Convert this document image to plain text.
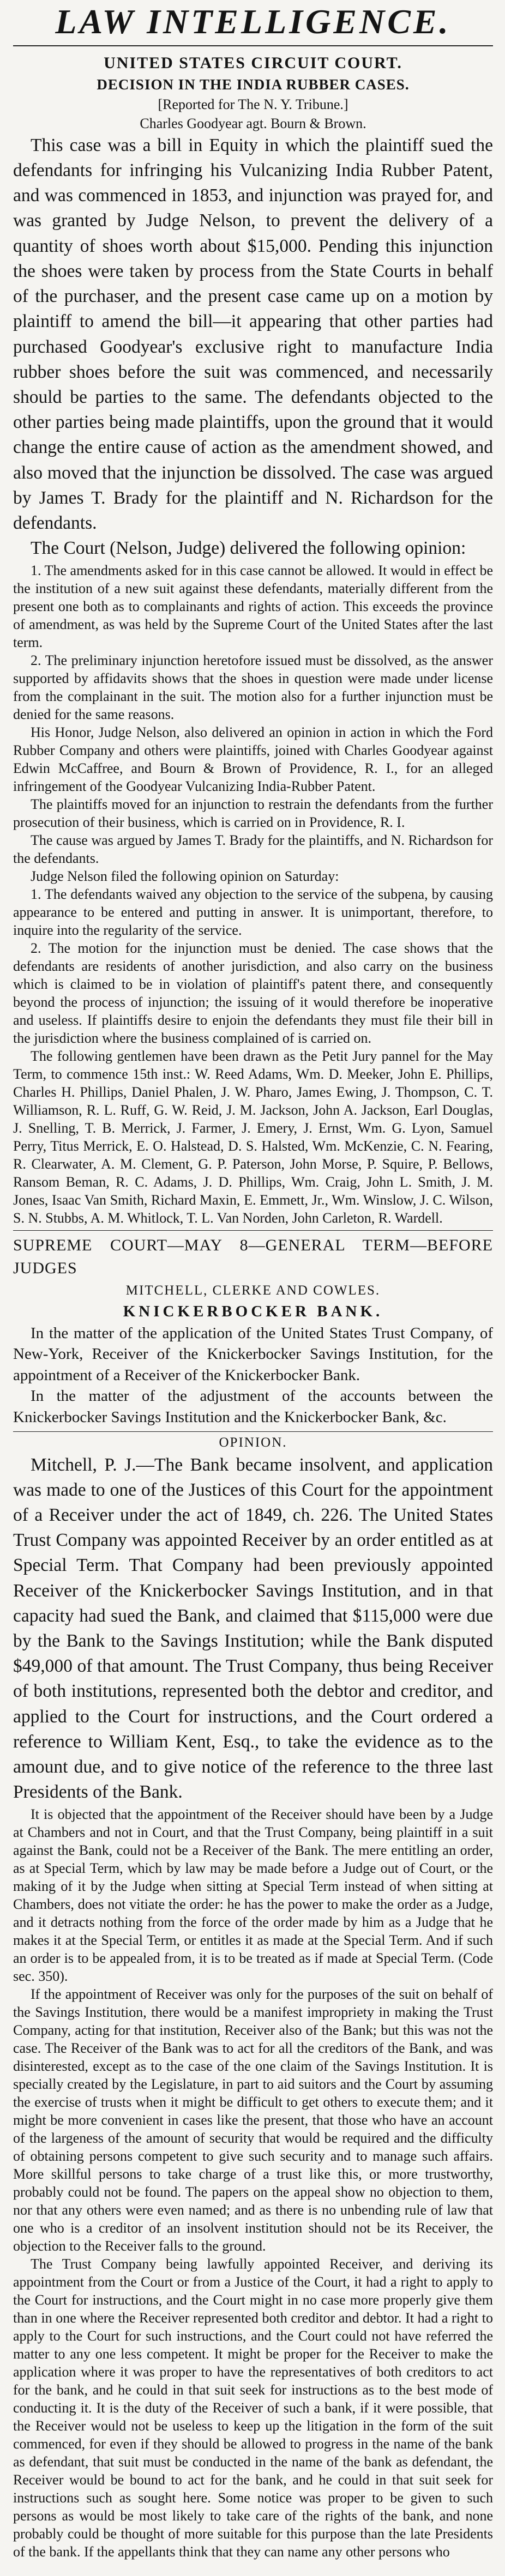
LAW INTELLIGENCE.
UNITED STATES CIRCUIT COURT.
DECISION IN THE INDIA RUBBER CASES.
[Reported for The N. Y. Tribune.]
Charles Goodyear agt. Bourn & Brown.

This case was a bill in Equity in which the plaintiff sued the defendants for infringing his Vulcanizing India Rubber Patent, and was commenced in 1853, and injunction was prayed for, and was granted by Judge Nelson, to prevent the delivery of a quantity of shoes worth about $15,000. Pending this injunction the shoes were taken by process from the State Courts in behalf of the purchaser, and the present case came up on a motion by plaintiff to amend the bill—it appearing that other parties had purchased Goodyear's exclusive right to manufacture India rubber shoes before the suit was commenced, and necessarily should be parties to the same. The defendants objected to the other parties being made plaintiffs, upon the ground that it would change the entire cause of action as the amendment showed, and also moved that the injunction be dissolved. The case was argued by James T. Brady for the plaintiff and N. Richardson for the defendants.

The Court (Nelson, Judge) delivered the following opinion:

1. The amendments asked for in this case cannot be allowed. It would in effect be the institution of a new suit against these defendants, materially different from the present one both as to complainants and rights of action. This exceeds the province of amendment, as was held by the Supreme Court of the United States after the last term.

2. The preliminary injunction heretofore issued must be dissolved, as the answer supported by affidavits shows that the shoes in question were made under license from the complainant in the suit. The motion also for a further injunction must be denied for the same reasons.

His Honor, Judge Nelson, also delivered an opinion in action in which the Ford Rubber Company and others were plaintiffs, joined with Charles Goodyear against Edwin McCaffree, and Bourn & Brown of Providence, R. I., for an alleged infringement of the Goodyear Vulcanizing India-Rubber Patent.

The plaintiffs moved for an injunction to restrain the defendants from the further prosecution of their business, which is carried on in Providence, R. I.

The cause was argued by James T. Brady for the plaintiffs, and N. Richardson for the defendants.

Judge Nelson filed the following opinion on Saturday:

1. The defendants waived any objection to the service of the subpena, by causing appearance to be entered and putting in answer. It is unimportant, therefore, to inquire into the regularity of the service.

2. The motion for the injunction must be denied. The case shows that the defendants are residents of another jurisdiction, and also carry on the business which is claimed to be in violation of plaintiff's patent there, and consequently beyond the process of injunction; the issuing of it would therefore be inoperative and useless. If plaintiffs desire to enjoin the defendants they must file their bill in the jurisdiction where the business complained of is carried on.

The following gentlemen have been drawn as the Petit Jury pannel for the May Term, to commence 15th inst.: W. Reed Adams, Wm. D. Meeker, John E. Phillips, Charles H. Phillips, Daniel Phalen, J. W. Pharo, James Ewing, J. Thompson, C. T. Williamson, R. L. Ruff, G. W. Reid, J. M. Jackson, John A. Jackson, Earl Douglas, J. Snelling, T. B. Merrick, J. Farmer, J. Emery, J. Ernst, Wm. G. Lyon, Samuel Perry, Titus Merrick, E. O. Halstead, D. S. Halsted, Wm. McKenzie, C. N. Fearing, R. Clearwater, A. M. Clement, G. P. Paterson, John Morse, P. Squire, P. Bellows, Ransom Beman, R. C. Adams, J. D. Phillips, Wm. Craig, John L. Smith, J. M. Jones, Isaac Van Smith, Richard Maxin, E. Emmett, Jr., Wm. Winslow, J. C. Wilson, S. N. Stubbs, A. M. Whitlock, T. L. Van Norden, John Carleton, R. Wardell.

SUPREME COURT—MAY 8—GENERAL TERM—BEFORE JUDGES
MITCHELL, CLERKE AND COWLES.
KNICKERBOCKER BANK.

In the matter of the application of the United States Trust Company, of New-York, Receiver of the Knickerbocker Savings Institution, for the appointment of a Receiver of the Knickerbocker Bank.

In the matter of the adjustment of the accounts between the Knickerbocker Savings Institution and the Knickerbocker Bank, &c.

OPINION.

Mitchell, P. J.—The Bank became insolvent, and application was made to one of the Justices of this Court for the appointment of a Receiver under the act of 1849, ch. 226. The United States Trust Company was appointed Receiver by an order entitled as at Special Term. That Company had been previously appointed Receiver of the Knickerbocker Savings Institution, and in that capacity had sued the Bank, and claimed that $115,000 were due by the Bank to the Savings Institution; while the Bank disputed $49,000 of that amount. The Trust Company, thus being Receiver of both institutions, represented both the debtor and creditor, and applied to the Court for instructions, and the Court ordered a reference to William Kent, Esq., to take the evidence as to the amount due, and to give notice of the reference to the three last Presidents of the Bank.

It is objected that the appointment of the Receiver should have been by a Judge at Chambers and not in Court, and that the Trust Company, being plaintiff in a suit against the Bank, could not be a Receiver of the Bank. The mere entitling an order, as at Special Term, which by law may be made before a Judge out of Court, or the making of it by the Judge when sitting at Special Term instead of when sitting at Chambers, does not vitiate the order: he has the power to make the order as a Judge, and it detracts nothing from the force of the order made by him as a Judge that he makes it at the Special Term, or entitles it as made at the Special Term. And if such an order is to be appealed from, it is to be treated as if made at Special Term. (Code sec. 350).

If the appointment of Receiver was only for the purposes of the suit on behalf of the Savings Institution, there would be a manifest impropriety in making the Trust Company, acting for that institution, Receiver also of the Bank; but this was not the case. The Receiver of the Bank was to act for all the creditors of the Bank, and was disinterested, except as to the case of the one claim of the Savings Institution. It is specially created by the Legislature, in part to aid suitors and the Court by assuming the exercise of trusts when it might be difficult to get others to execute them; and it might be more convenient in cases like the present, that those who have an account of the largeness of the amount of security that would be required and the difficulty of obtaining persons competent to give such security and to manage such affairs. More skillful persons to take charge of a trust like this, or more trustworthy, probably could not be found. The papers on the appeal show no objection to them, nor that any others were even named; and as there is no unbending rule of law that one who is a creditor of an insolvent institution should not be its Receiver, the objection to the Receiver falls to the ground.

The Trust Company being lawfully appointed Receiver, and deriving its appointment from the Court or from a Justice of the Court, it had a right to apply to the Court for instructions, and the Court might in no case more properly give them than in one where the Receiver represented both creditor and debtor. It had a right to apply to the Court for such instructions, and the Court could not have referred the matter to any one less competent. It might be proper for the Receiver to make the application where it was proper to have the representatives of both creditors to act for the bank, and he could in that suit seek for instructions as to the best mode of conducting it. It is the duty of the Receiver of such a bank, if it were possible, that the Receiver would not be useless to keep up the litigation in the form of the suit commenced, for even if they should be allowed to progress in the name of the bank as defendant, that suit must be conducted in the name of the bank as defendant, the Receiver would be bound to act for the bank, and he could in that suit seek for instructions such as sought here. Some notice was proper to be given to such persons as would be most likely to take care of the rights of the bank, and none probably could be thought of more suitable for this purpose than the late Presidents of the bank. If the appellants think that they can name any other persons who
